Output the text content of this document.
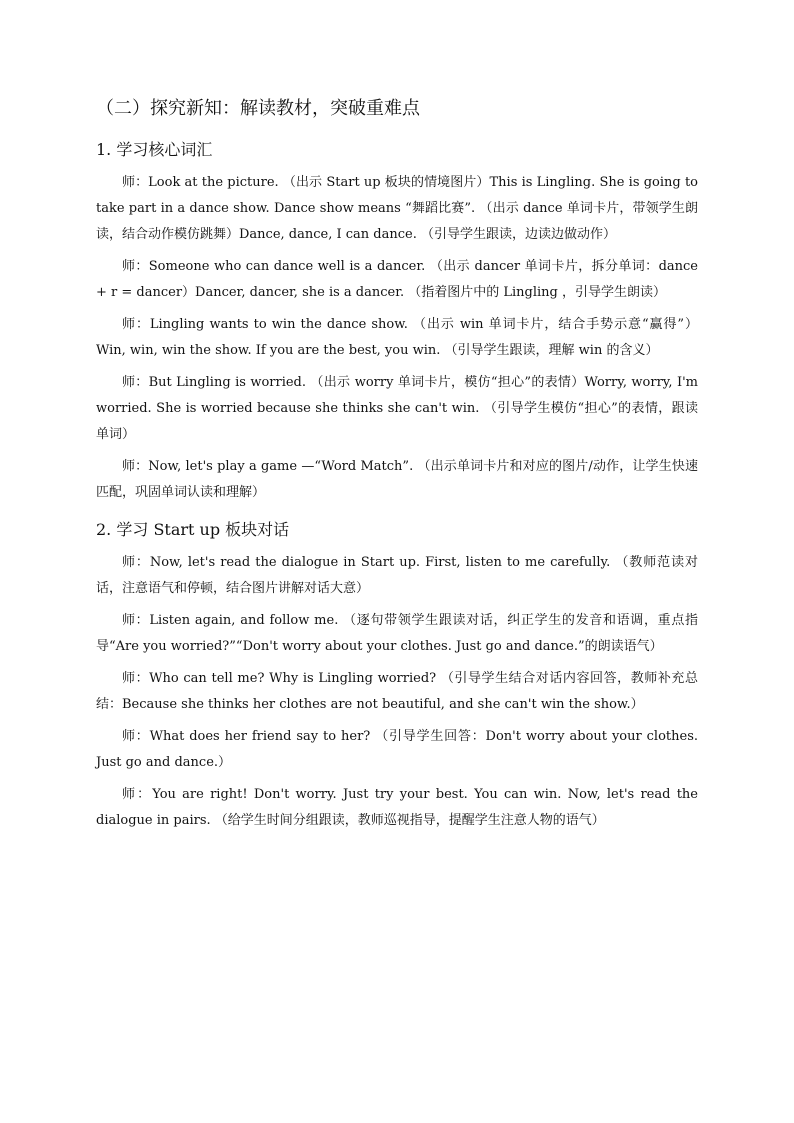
（二）探究新知：解读教材，突破重难点
1. 学习核心词汇

师：Look at the picture. （出示 Start up 板块的情境图片）This is Lingling. She is going to take part in a dance show. Dance show means “舞蹈比赛”. （出示 dance 单词卡片，带领学生朗读，结合动作模仿跳舞）Dance, dance, I can dance. （引导学生跟读，边读边做动作）

师：Someone who can dance well is a dancer. （出示 dancer 单词卡片，拆分单词：dance + r = dancer）Dancer, dancer, she is a dancer. （指着图片中的 Lingling ，引导学生朗读）

师：Lingling wants to win the dance show. （出示 win 单词卡片，结合手势示意“赢得”）Win, win, win the show. If you are the best, you win. （引导学生跟读，理解 win 的含义）

师：But Lingling is worried. （出示 worry 单词卡片，模仿“担心”的表情）Worry, worry, I'm worried. She is worried because she thinks she can't win. （引导学生模仿“担心”的表情，跟读单词）

师：Now, let's play a game —“Word Match”. （出示单词卡片和对应的图片/动作，让学生快速匹配，巩固单词认读和理解）

2. 学习 Start up 板块对话

师：Now, let's read the dialogue in Start up. First, listen to me carefully. （教师范读对话，注意语气和停顿，结合图片讲解对话大意）

师：Listen again, and follow me. （逐句带领学生跟读对话，纠正学生的发音和语调，重点指导“Are you worried?”“Don't worry about your clothes. Just go and dance.”的朗读语气）

师：Who can tell me? Why is Lingling worried? （引导学生结合对话内容回答，教师补充总结：Because she thinks her clothes are not beautiful, and she can't win the show.）

师：What does her friend say to her? （引导学生回答：Don't worry about your clothes. Just go and dance.）

师：You are right! Don't worry. Just try your best. You can win. Now, let's read the dialogue in pairs. （给学生时间分组跟读，教师巡视指导，提醒学生注意人物的语气）
